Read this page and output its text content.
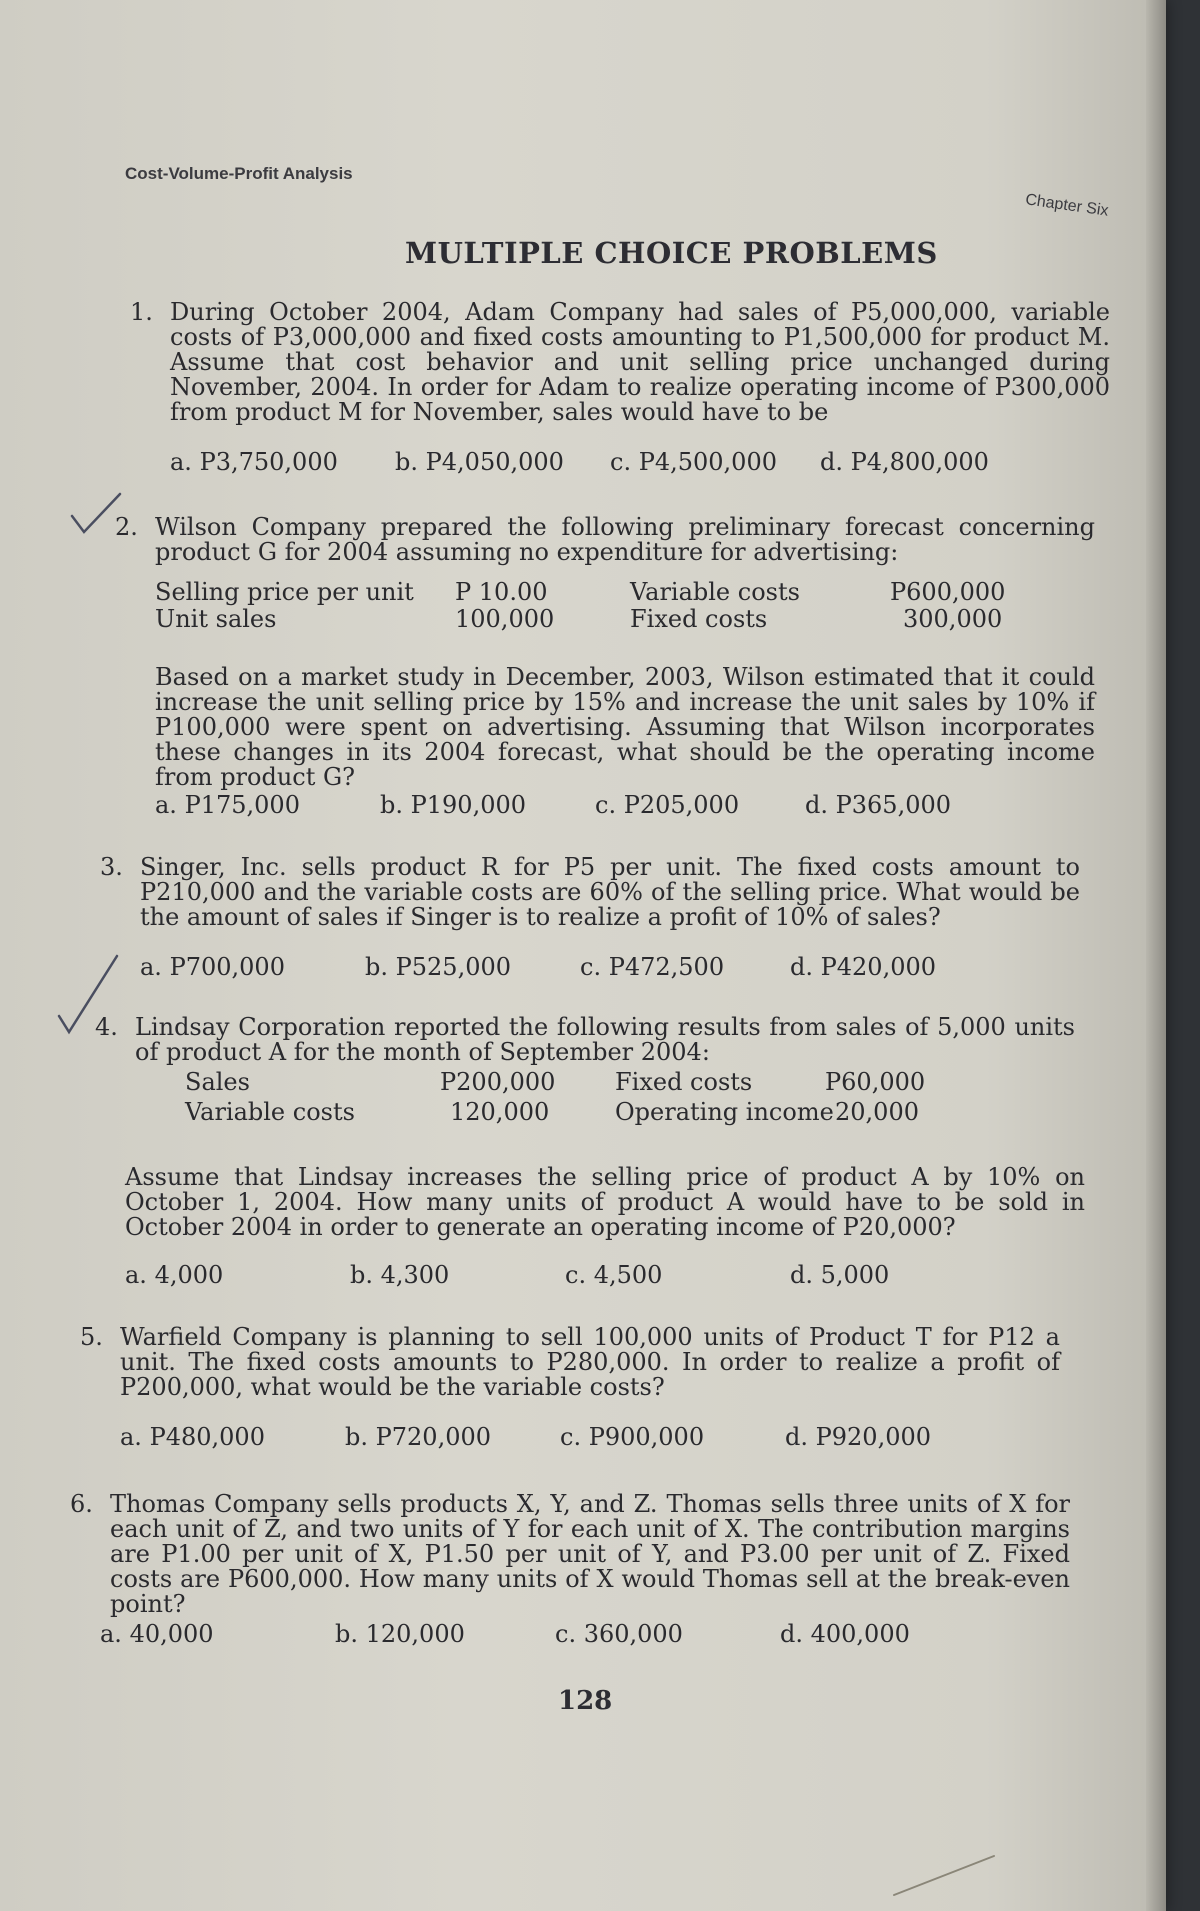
Cost-Volume-Profit Analysis
Chapter Six
MULTIPLE CHOICE PROBLEMS
1. During October 2004, Adam Company had sales of P5,000,000, variable costs of P3,000,000 and fixed costs amounting to P1,500,000 for product M. Assume that cost behavior and unit selling price unchanged during November, 2004. In order for Adam to realize operating income of P300,000 from product M for November, sales would have to be
a. P3,750,000 b. P4,050,000 c. P4,500,000 d. P4,800,000
2. Wilson Company prepared the following preliminary forecast concerning product G for 2004 assuming no expenditure for advertising:
Selling price per unit P 10.00	Variable costs	P600,000
Unit sales	100,000	Fixed costs	300,000
Based on a market study in December, 2003, Wilson estimated that it could increase the unit selling price by 15% and increase the unit sales by 10% if P100,000 were spent on advertising. Assuming that Wilson incorporates these changes in its 2004 forecast, what should be the operating income from product G?
a. P175,000	b. P190,000	c. P205,000	d. P365,000
3. Singer, Inc. sells product R for P5 per unit. The fixed costs amount to P210,000 and the variable costs are 60% of the selling price. What would be the amount of sales if Singer is to realize a profit of 10% of sales?
a. P700,000	b. P525,000	c. P472,500	d. P420,000
4. Lindsay Corporation reported the following results from sales of 5,000 units of product A for the month of September 2004:
Sales	P200,000 Fixed costs	P60,000
Variable costs	120,000	Operating income 20,000
Assume that Lindsay increases the selling price of product A by 10% on October 1, 2004. How many units of product A would have to be sold in October 2004 in order to generate an operating income of P20,000?
a. 4,000	b. 4,300	c. 4,500	d. 5,000
5. Warfield Company is planning to sell 100,000 units of Product T for P12 a unit. The fixed costs amounts to P280,000. In order to realize a profit of P200,000, what would be the variable costs?
a. P480,000	b. P720,000	c. P900,000	d. P920,000
6. Thomas Company sells products X, Y, and Z. Thomas sells three units of X for each unit of Z, and two units of Y for each unit of X. The contribution margins are P1.00 per unit of X, P1.50 per unit of Y, and P3.00 per unit of Z. Fixed costs are P600,000. How many units of X would Thomas sell at the break-even point?
a. 40,000	b. 120,000	c. 360,000	d. 400,000
128
